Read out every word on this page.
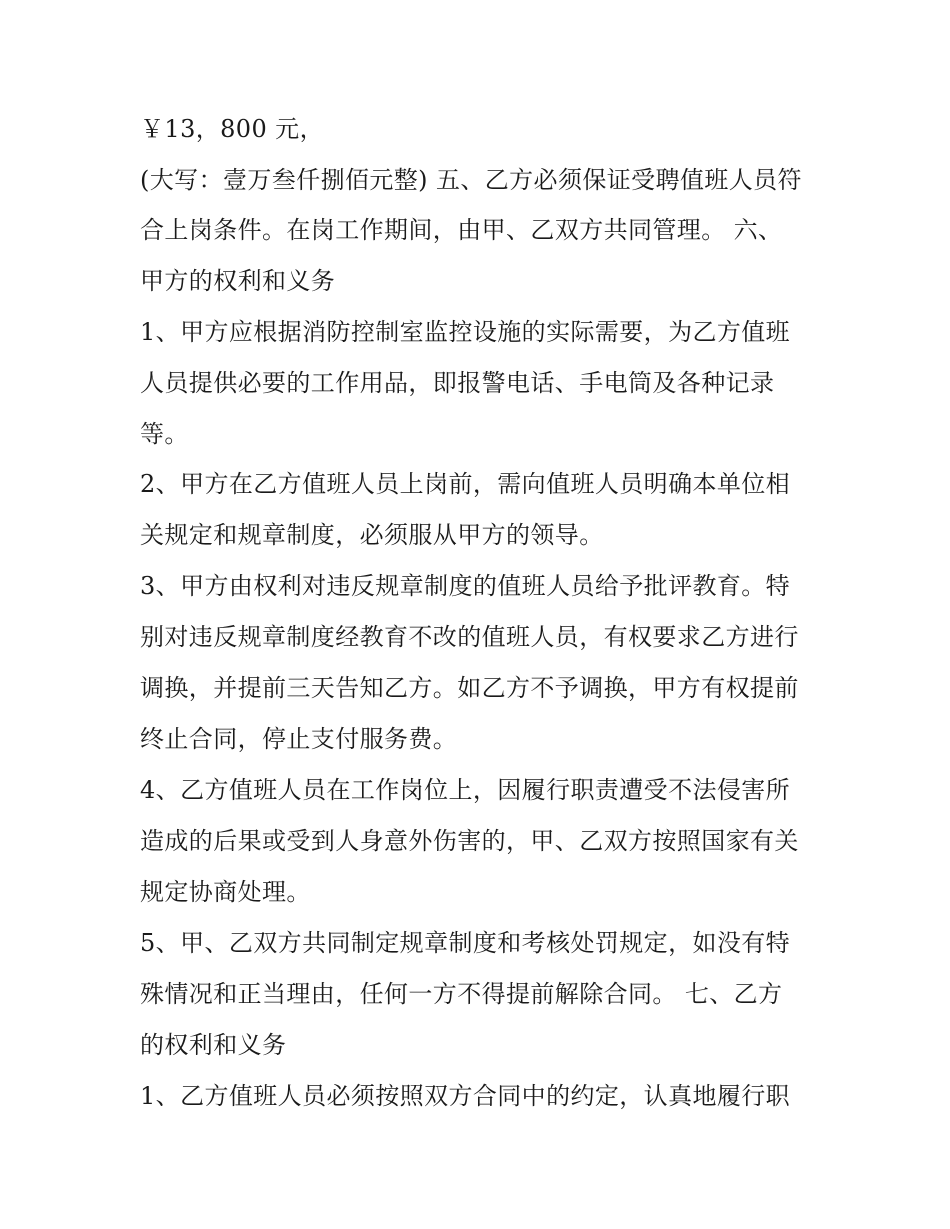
￥13，800 元，
(大写：壹万叁仟捌佰元整) 五、乙方必须保证受聘值班人员符
合上岗条件。在岗工作期间，由甲、乙双方共同管理。 六、
甲方的权利和义务
1、甲方应根据消防控制室监控设施的实际需要，为乙方值班
人员提供必要的工作用品，即报警电话、手电筒及各种记录
等。
2、甲方在乙方值班人员上岗前，需向值班人员明确本单位相
关规定和规章制度，必须服从甲方的领导。
3、甲方由权利对违反规章制度的值班人员给予批评教育。特
别对违反规章制度经教育不改的值班人员，有权要求乙方进行
调换，并提前三天告知乙方。如乙方不予调换，甲方有权提前
终止合同，停止支付服务费。
4、乙方值班人员在工作岗位上，因履行职责遭受不法侵害所
造成的后果或受到人身意外伤害的，甲、乙双方按照国家有关
规定协商处理。
5、甲、乙双方共同制定规章制度和考核处罚规定，如没有特
殊情况和正当理由，任何一方不得提前解除合同。 七、乙方
的权利和义务
1、乙方值班人员必须按照双方合同中的约定，认真地履行职
